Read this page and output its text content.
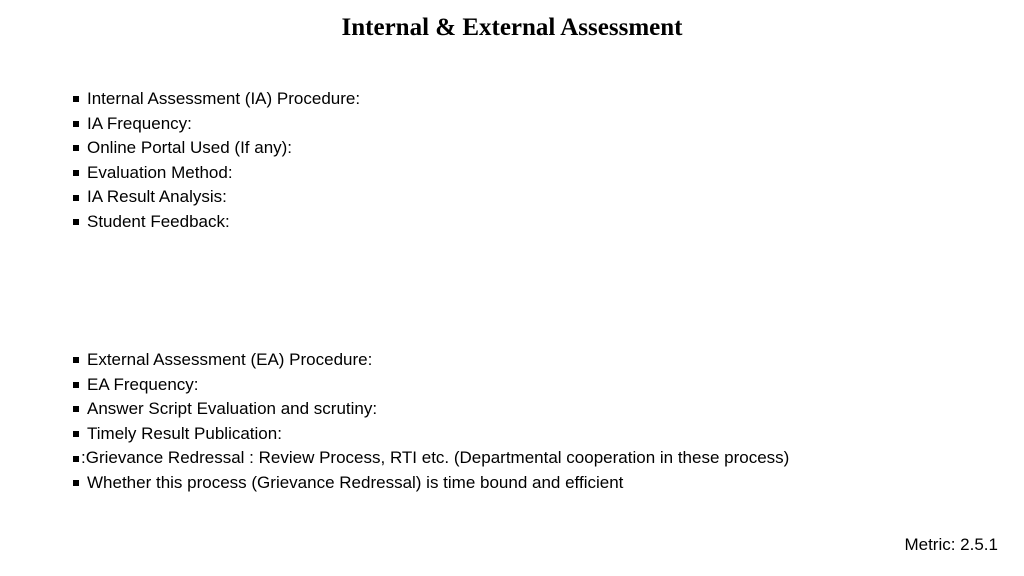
Internal & External Assessment
Internal Assessment (IA) Procedure:
IA Frequency:
Online Portal Used (If any):
Evaluation Method:
IA Result Analysis:
Student Feedback:
External Assessment (EA) Procedure:
EA Frequency:
Answer Script Evaluation and scrutiny:
Timely Result Publication:
:Grievance Redressal : Review Process, RTI etc. (Departmental cooperation in these process)
Whether this process (Grievance Redressal) is time bound and efficient
Metric: 2.5.1
